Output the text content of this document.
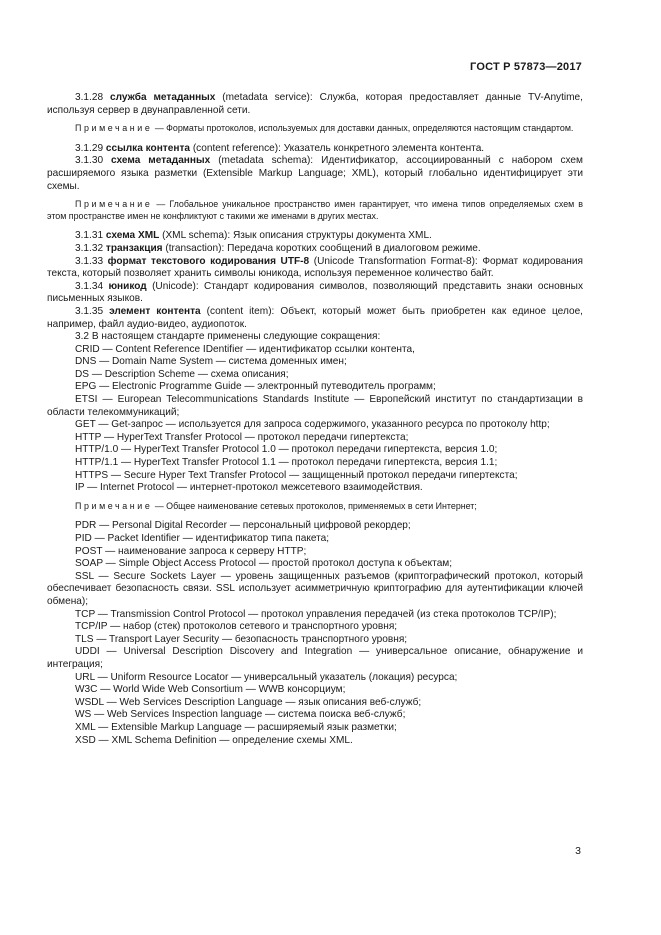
ГОСТ Р 57873—2017

3.1.28 служба метаданных (metadata service): Служба, которая предоставляет данные TV-Anytime, используя сервер в двунаправленной сети.

Примечание — Форматы протоколов, используемых для доставки данных, определяются настоящим стандартом.

3.1.29 ссылка контента (content reference): Указатель конкретного элемента контента.

3.1.30 схема метаданных (metadata schema): Идентификатор, ассоциированный с набором схем расширяемого языка разметки (Extensible Markup Language; XML), который глобально идентифицирует эти схемы.

Примечание — Глобальное уникальное пространство имен гарантирует, что имена типов определяемых схем в этом пространстве имен не конфликтуют с такими же именами в других местах.

3.1.31 схема XML (XML schema): Язык описания структуры документа XML.

3.1.32 транзакция (transaction): Передача коротких сообщений в диалоговом режиме.

3.1.33 формат текстового кодирования UTF-8 (Unicode Transformation Format-8): Формат кодирования текста, который позволяет хранить символы юникода, используя переменное количество байт.

3.1.34 юникод (Unicode): Стандарт кодирования символов, позволяющий представить знаки основных письменных языков.

3.1.35 элемент контента (content item): Объект, который может быть приобретен как единое целое, например, файл аудио-видео, аудиопоток.

3.2 В настоящем стандарте применены следующие сокращения:

CRID — Content Reference IDentifier — идентификатор ссылки контента,

DNS — Domain Name System — система доменных имен;

DS — Description Scheme — схема описания;

EPG — Electronic Programme Guide — электронный путеводитель программ;

ETSI — European Telecommunications Standards Institute — Европейский институт по стандартизации в области телекоммуникаций;

GET — Get-запрос — используется для запроса содержимого, указанного ресурса по протоколу http;

HTTP — HyperText Transfer Protocol — протокол передачи гипертекста;

HTTP/1.0 — HyperText Transfer Protocol 1.0 — протокол передачи гипертекста, версия 1.0;

HTTP/1.1 — HyperText Transfer Protocol 1.1 — протокол передачи гипертекста, версия 1.1;

HTTPS — Secure Hyper Text Transfer Protocol — защищенный протокол передачи гипертекста;

IP — Internet Protocol — интернет-протокол межсетевого взаимодействия.

Примечание — Общее наименование сетевых протоколов, применяемых в сети Интернет;

PDR — Personal Digital Recorder — персональный цифровой рекордер;

PID — Packet Identifier — идентификатор типа пакета;

POST — наименование запроса к серверу HTTP;

SOAP — Simple Object Access Protocol — простой протокол доступа к объектам;

SSL — Secure Sockets Layer — уровень защищенных разъемов (криптографический протокол, который обеспечивает безопасность связи. SSL использует асимметричную криптографию для аутентификации ключей обмена);

TCP — Transmission Control Protocol — протокол управления передачей (из стека протоколов TCP/IP);

TCP/IP — набор (стек) протоколов сетевого и транспортного уровня;

TLS — Transport Layer Security — безопасность транспортного уровня;

UDDI — Universal Description Discovery and Integration — универсальное описание, обнаружение и интеграция;

URL — Uniform Resource Locator — универсальный указатель (локация) ресурса;

W3C — World Wide Web Consortium — WWB консорциум;

WSDL — Web Services Description Language — язык описания веб-служб;

WS — Web Services Inspection language — система поиска веб-служб;

XML — Extensible Markup Language — расширяемый язык разметки;

XSD — XML Schema Definition — определение схемы XML.

3
